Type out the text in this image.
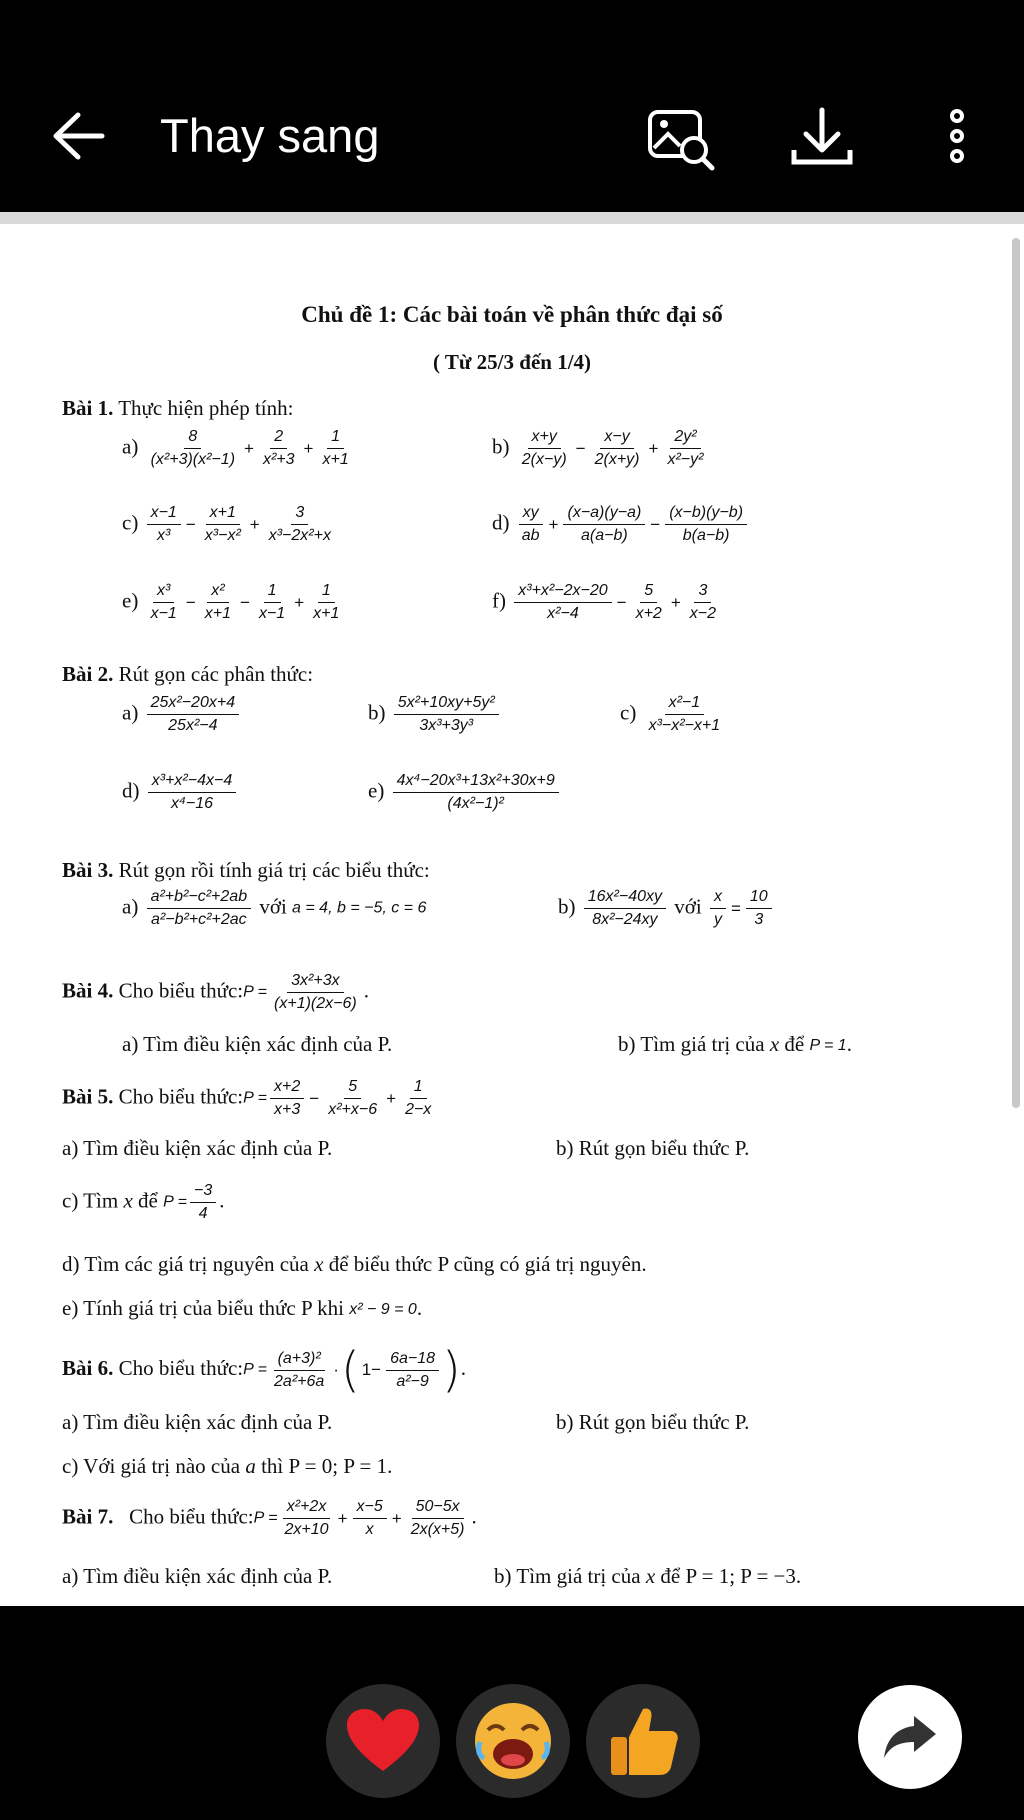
Thay sang
Chủ đề 1: Các bài toán về phân thức đại số
( Từ 25/3 đến 1/4)
Bài 1. Thực hiện phép tính:
$a) \frac{8}{\text{(x²+3)(x²−1)}} + \frac{2}{\text{x²+3}} + \frac{1}{x+1}$	$b) \frac{x+y}{2(x-y)} - \frac{x-y}{2(x+y)} + \frac{\text{2y²}}{\text{x²−y²}}$
$c) \frac{x-1}{\text{x³}} - \frac{x+1}{\text{x³−x²}} + \frac{3}{\text{x³−2x²+x}}$	$d) \frac{xy}{ab} + \frac{(x-a)(y-a)}{a(a-b)} - \frac{(x-b)(y-b)}{b(a-b)}$
$e) \frac{\text{x³}}{x-1} - \frac{\text{x²}}{x+1} - \frac{1}{x-1} + \frac{1}{x+1}$	$f) \frac{\text{x³+x²−2x−20}}{\text{x²−4}} - \frac{5}{x+2} + \frac{3}{x-2}$
Bài 2. Rút gọn các phân thức:
$a) \frac{\text{25x²−20x+4}}{\text{25x²−4}}$	$b) \frac{\text{5x²+10xy+5y²}}{\text{3x³+3y³}}$	$c) \frac{\text{x²−1}}{\text{x³−x²−x+1}}$
$d) \frac{\text{x³+x²−4x−4}}{\text{x⁴−16}}$	$e) \frac{\text{4x⁴−20x³+13x²+30x+9}}{\text{(4x²−1)²}}$
Bài 3. Rút gọn rồi tính giá trị các biểu thức:
$a) \frac{\text{a²+b²−c²+2ab}}{\text{a²−b²+c²+2ac}}$ với a = 4, b = −5, c = 6	$b) \frac{\text{16x²−40xy}}{\text{8x²−24xy}}$ với $\frac{x}{y} = \frac{10}{3}$
Bài 4. Cho biểu thức:P = $\frac{\text{3x²+3x}}{(x+1)(2x-6)}$ .
a) Tìm điều kiện xác định của P.	b) Tìm giá trị của x để P = 1.
Bài 5. Cho biểu thức:P = $\frac{x+2}{x+3} - \frac{5}{\text{x²+x−6}} + \frac{1}{2-x}$
a) Tìm điều kiện xác định của P.	b) Rút gọn biểu thức P.
c) Tìm x để $P = \frac{-3}{4}$ .
d) Tìm các giá trị nguyên của x để biểu thức P cũng có giá trị nguyên.
e) Tính giá trị của biểu thức P khi x² − 9 = 0.
Bài 6. Cho biểu thức:P = $\frac{\text{(a+3)²}}{\text{2a²+6a}}$ ·( $1- \frac{6a-18}{\text{a²−9}}$ ).
a) Tìm điều kiện xác định của P.	b) Rút gọn biểu thức P.
c) Với giá trị nào của a thì P = 0; P = 1.
Bài 7. Cho biểu thức:P = $\frac{\text{x²+2x}}{2x+10} + \frac{x-5}{x} + \frac{50-5x}{2x(x+5)}$ .
a) Tìm điều kiện xác định của P.	b) Tìm giá trị của x để P = 1; P = −3.
